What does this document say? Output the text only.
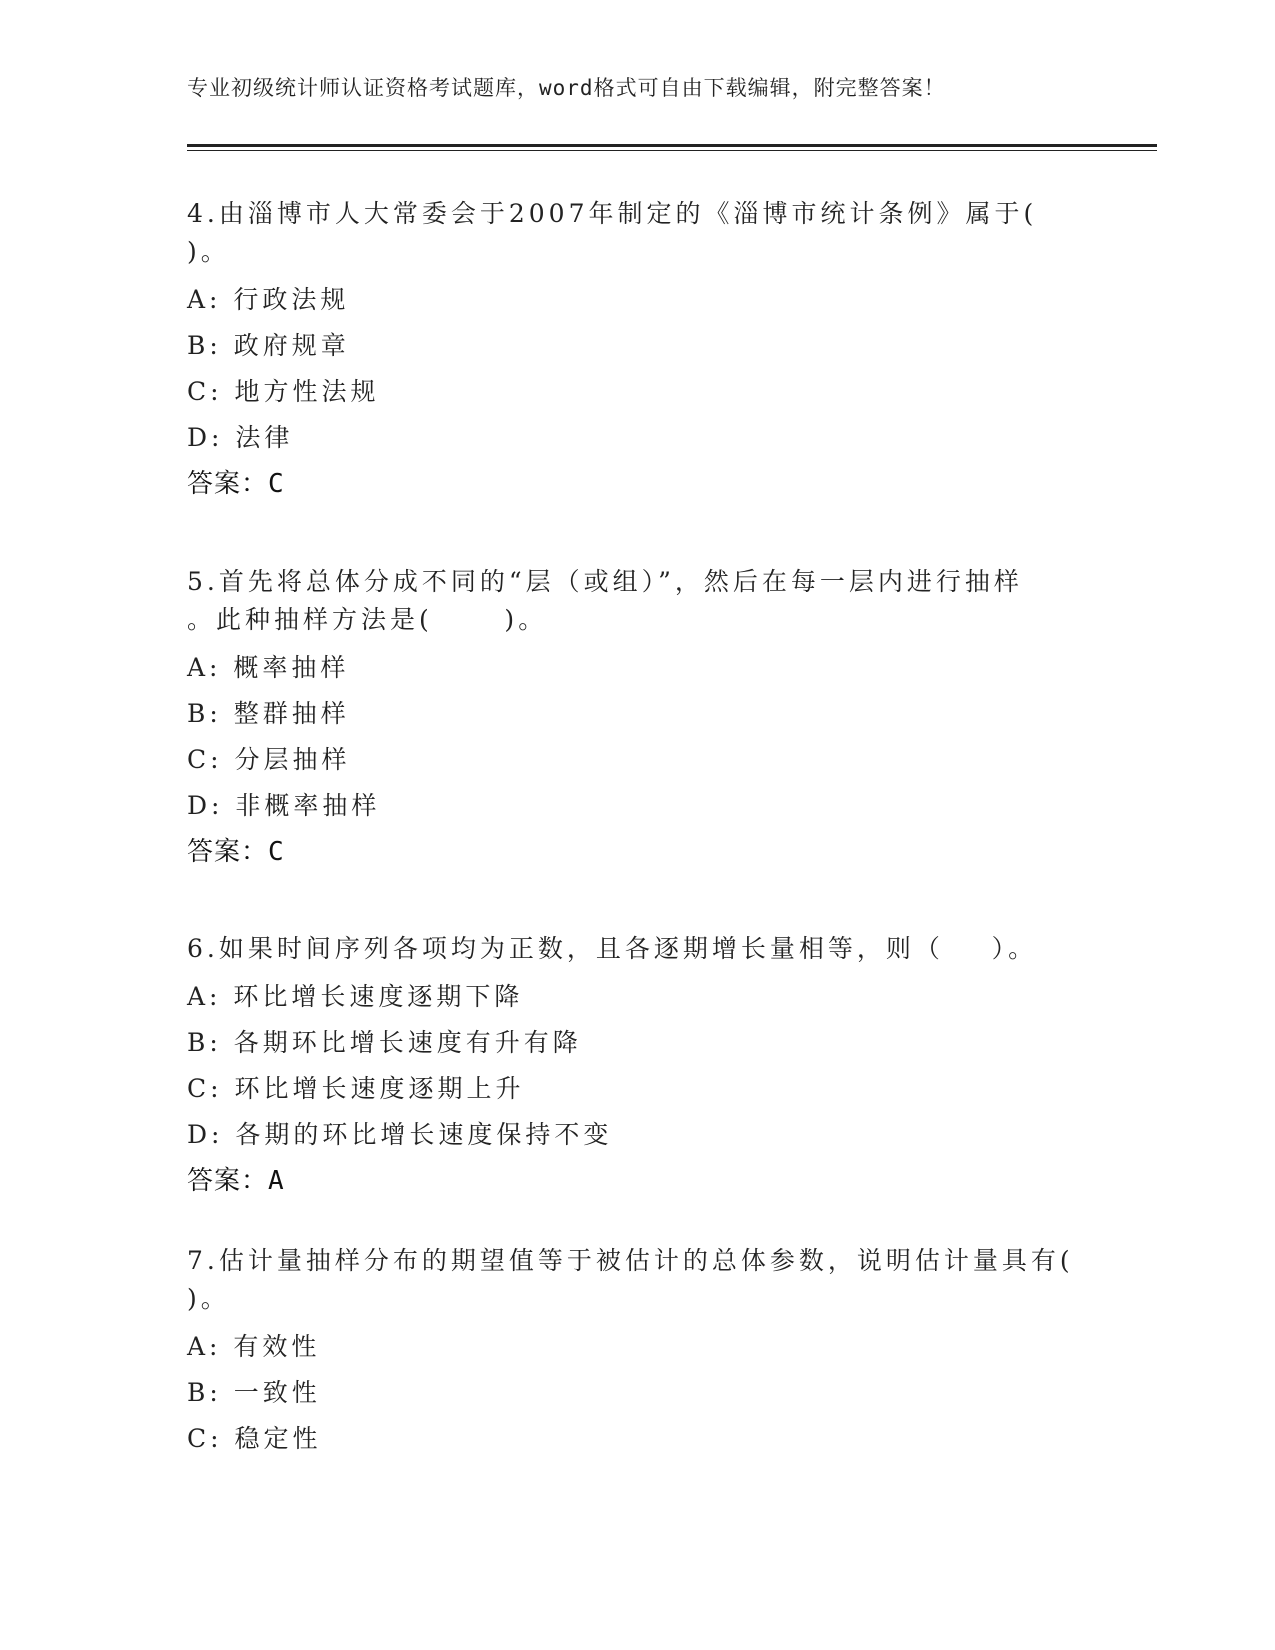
专业初级统计师认证资格考试题库，word格式可自由下载编辑，附完整答案！

4.由淄博市人大常委会于2007年制定的《淄博市统计条例》属于(
)。

A: 行政法规
B: 政府规章
C: 地方性法规
D: 法律
答案：C

5.首先将总体分成不同的“层（或组）”，然后在每一层内进行抽样
。此种抽样方法是(      )。

A: 概率抽样
B: 整群抽样
C: 分层抽样
D: 非概率抽样
答案：C

6.如果时间序列各项均为正数，且各逐期增长量相等，则（    ）。

A: 环比增长速度逐期下降
B: 各期环比增长速度有升有降
C: 环比增长速度逐期上升
D: 各期的环比增长速度保持不变
答案：A

7.估计量抽样分布的期望值等于被估计的总体参数，说明估计量具有(
)。

A: 有效性
B: 一致性
C: 稳定性
